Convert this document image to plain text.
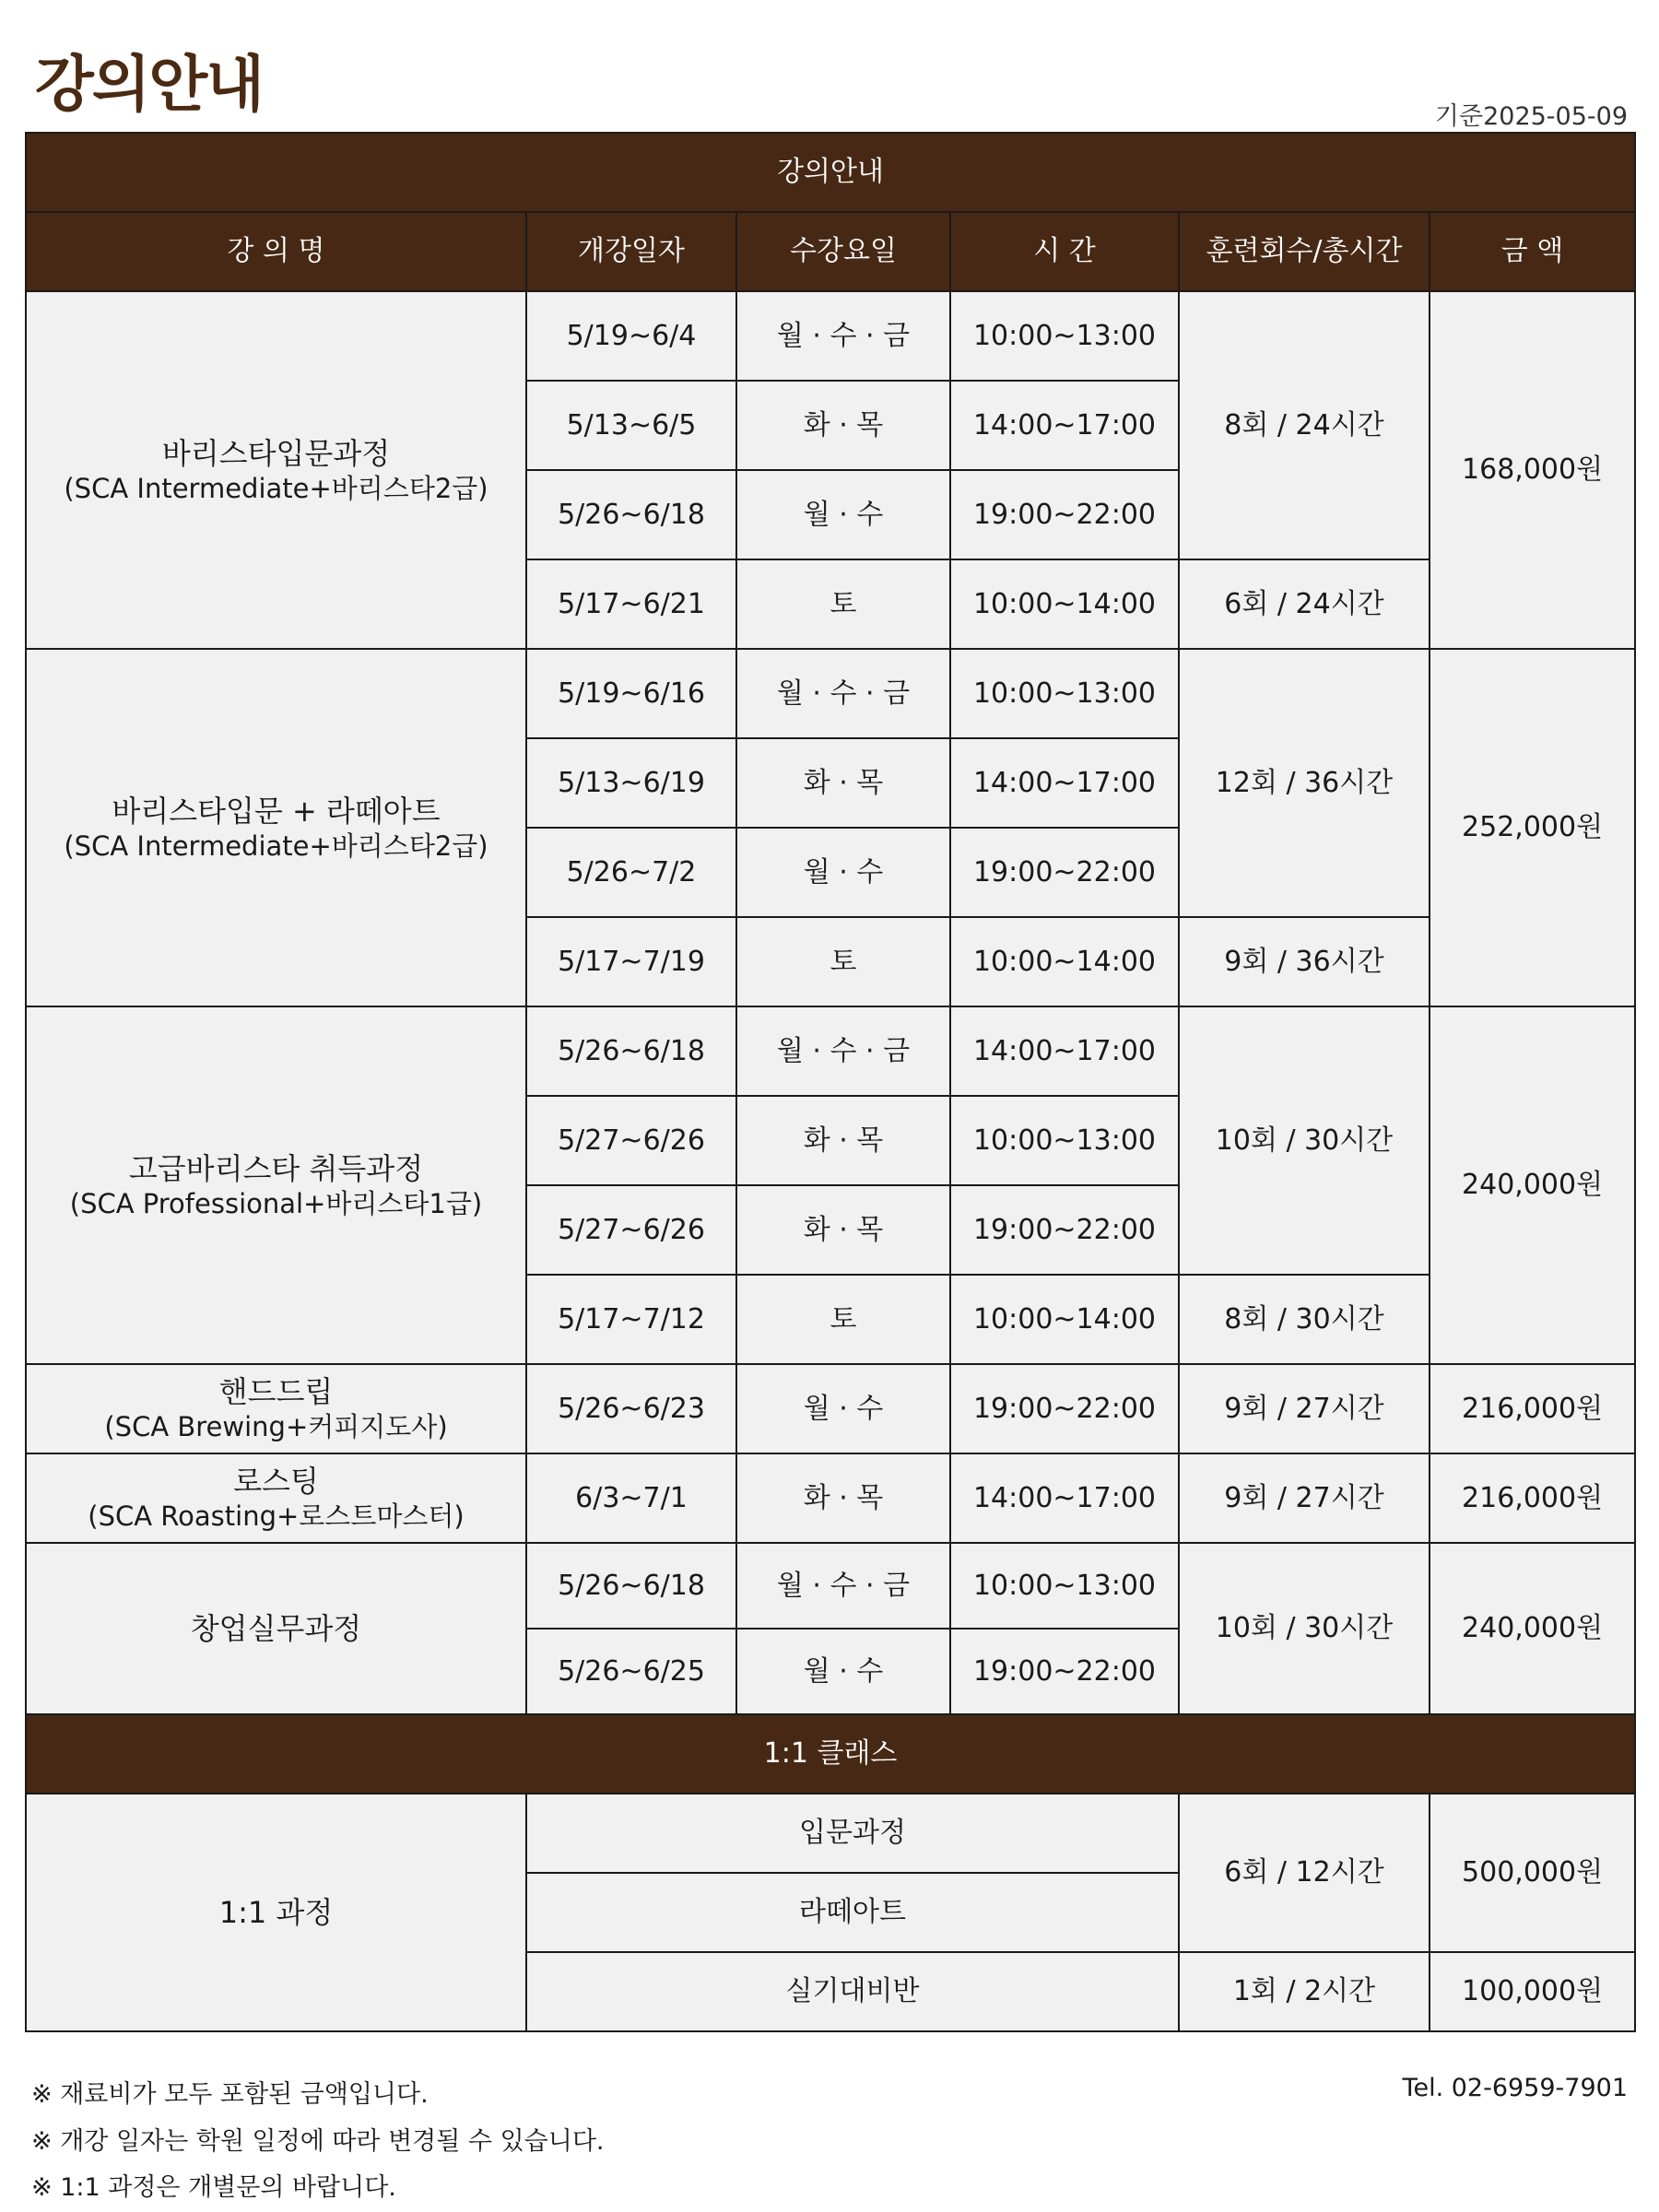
강의안내	기준2025-05-09
강의안내					
강 의 명	개강일자	수강요일	시 간	훈련회수/총시간	금 액

바리스타입문과정
(SCA Intermediate+바리스타2급)	5/19~6/4	월 · 수 · 금	10:00~13:00	8회 / 24시간	168,000원
	5/13~6/5	화 · 목	14:00~17:00		
	5/26~6/18	월 · 수	19:00~22:00		
	5/17~6/21	토	10:00~14:00	6회 / 24시간	

바리스타입문 + 라떼아트
(SCA Intermediate+바리스타2급)	5/19~6/16	월 · 수 · 금	10:00~13:00	12회 / 36시간	252,000원
	5/13~6/19	화 · 목	14:00~17:00		
	5/26~7/2	월 · 수	19:00~22:00		
	5/17~7/19	토	10:00~14:00	9회 / 36시간	

고급바리스타 취득과정
(SCA Professional+바리스타1급)	5/26~6/18	월 · 수 · 금	14:00~17:00	10회 / 30시간	240,000원
	5/27~6/26	화 · 목	10:00~13:00		
	5/27~6/26	화 · 목	19:00~22:00		
	5/17~7/12	토	10:00~14:00	8회 / 30시간	

핸드드립
(SCA Brewing+커피지도사)	5/26~6/23	월 · 수	19:00~22:00	9회 / 27시간	216,000원

로스팅
(SCA Roasting+로스트마스터)	6/3~7/1	화 · 목	14:00~17:00	9회 / 27시간	216,000원

창업실무과정	5/26~6/18	월 · 수 · 금	10:00~13:00	10회 / 30시간	240,000원
	5/26~6/25	월 · 수	19:00~22:00		
1:1 클래스					

1:1 과정	입문과정			6회 / 12시간	500,000원
	라떼아트				
	실기대비반			1회 / 2시간	100,000원
※ 재료비가 모두 포함된 금액입니다.
※ 개강 일자는 학원 일정에 따라 변경될 수 있습니다.
※ 1:1 과정은 개별문의 바랍니다.
Tel. 02-6959-7901
